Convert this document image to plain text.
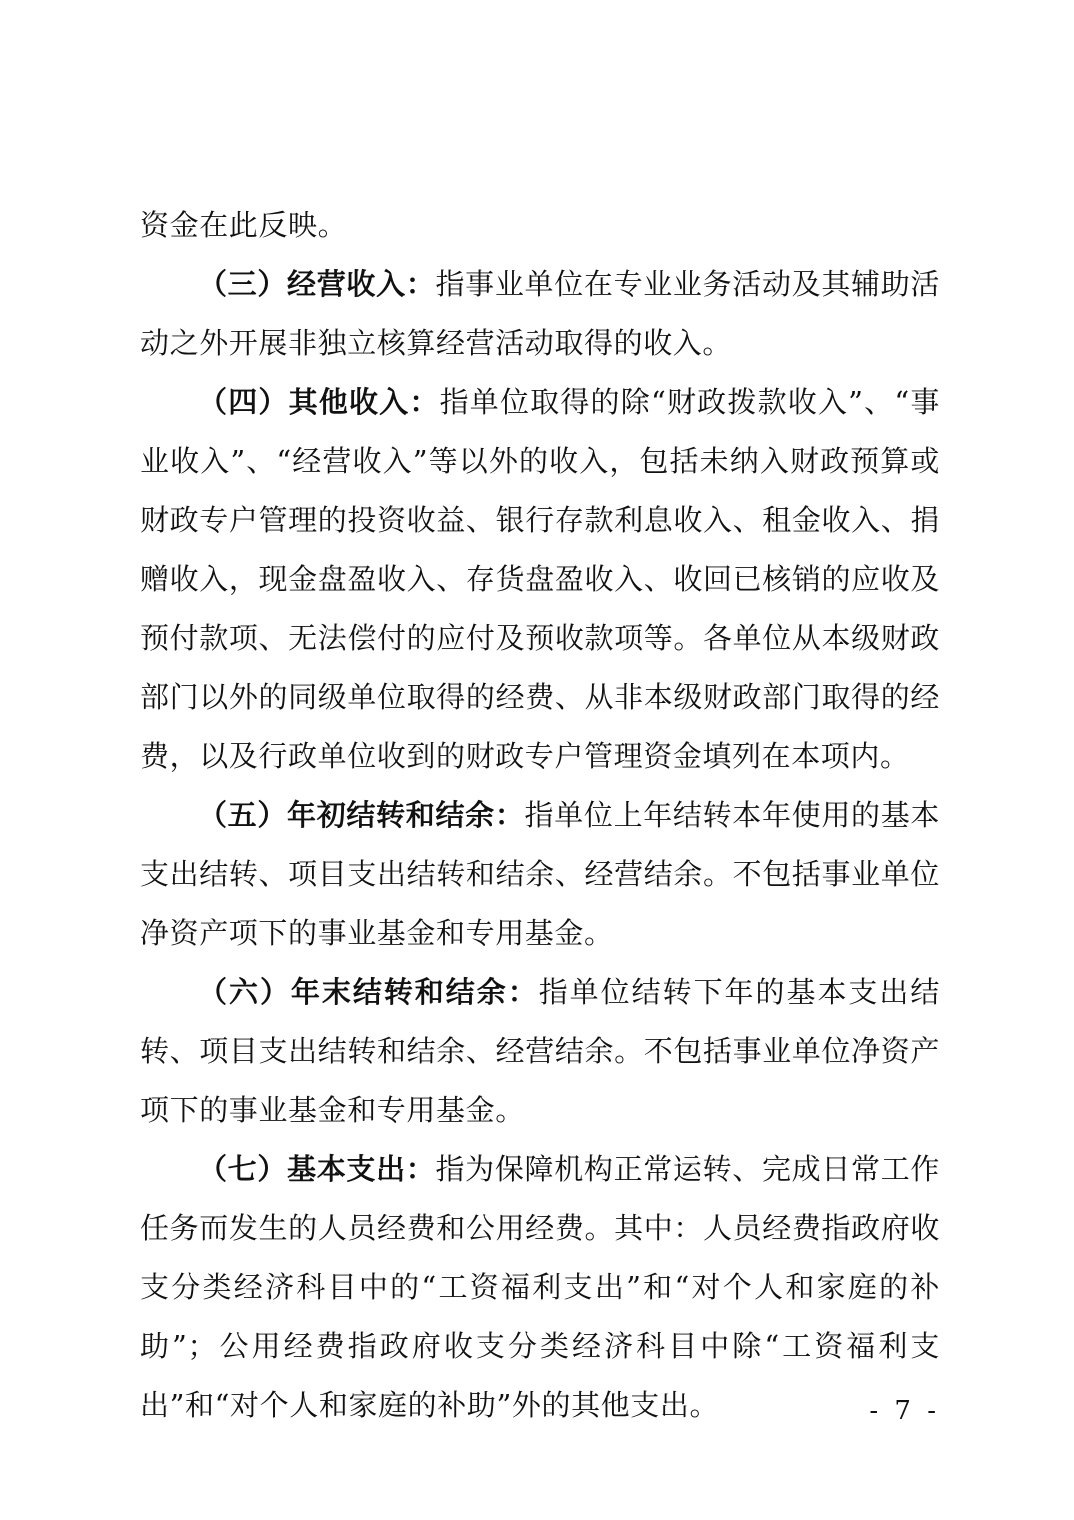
资金在此反映。

（三）经营收入：指事业单位在专业业务活动及其辅助活动之外开展非独立核算经营活动取得的收入。

（四）其他收入：指单位取得的除“财政拨款收入”、“事业收入”、“经营收入”等以外的收入，包括未纳入财政预算或财政专户管理的投资收益、银行存款利息收入、租金收入、捐赠收入，现金盘盈收入、存货盘盈收入、收回已核销的应收及预付款项、无法偿付的应付及预收款项等。各单位从本级财政部门以外的同级单位取得的经费、从非本级财政部门取得的经费，以及行政单位收到的财政专户管理资金填列在本项内。

（五）年初结转和结余：指单位上年结转本年使用的基本支出结转、项目支出结转和结余、经营结余。不包括事业单位净资产项下的事业基金和专用基金。

（六）年末结转和结余：指单位结转下年的基本支出结转、项目支出结转和结余、经营结余。不包括事业单位净资产项下的事业基金和专用基金。

（七）基本支出：指为保障机构正常运转、完成日常工作任务而发生的人员经费和公用经费。其中：人员经费指政府收支分类经济科目中的“工资福利支出”和“对个人和家庭的补助”；公用经费指政府收支分类经济科目中除“工资福利支出”和“对个人和家庭的补助”外的其他支出。	- 7 -
